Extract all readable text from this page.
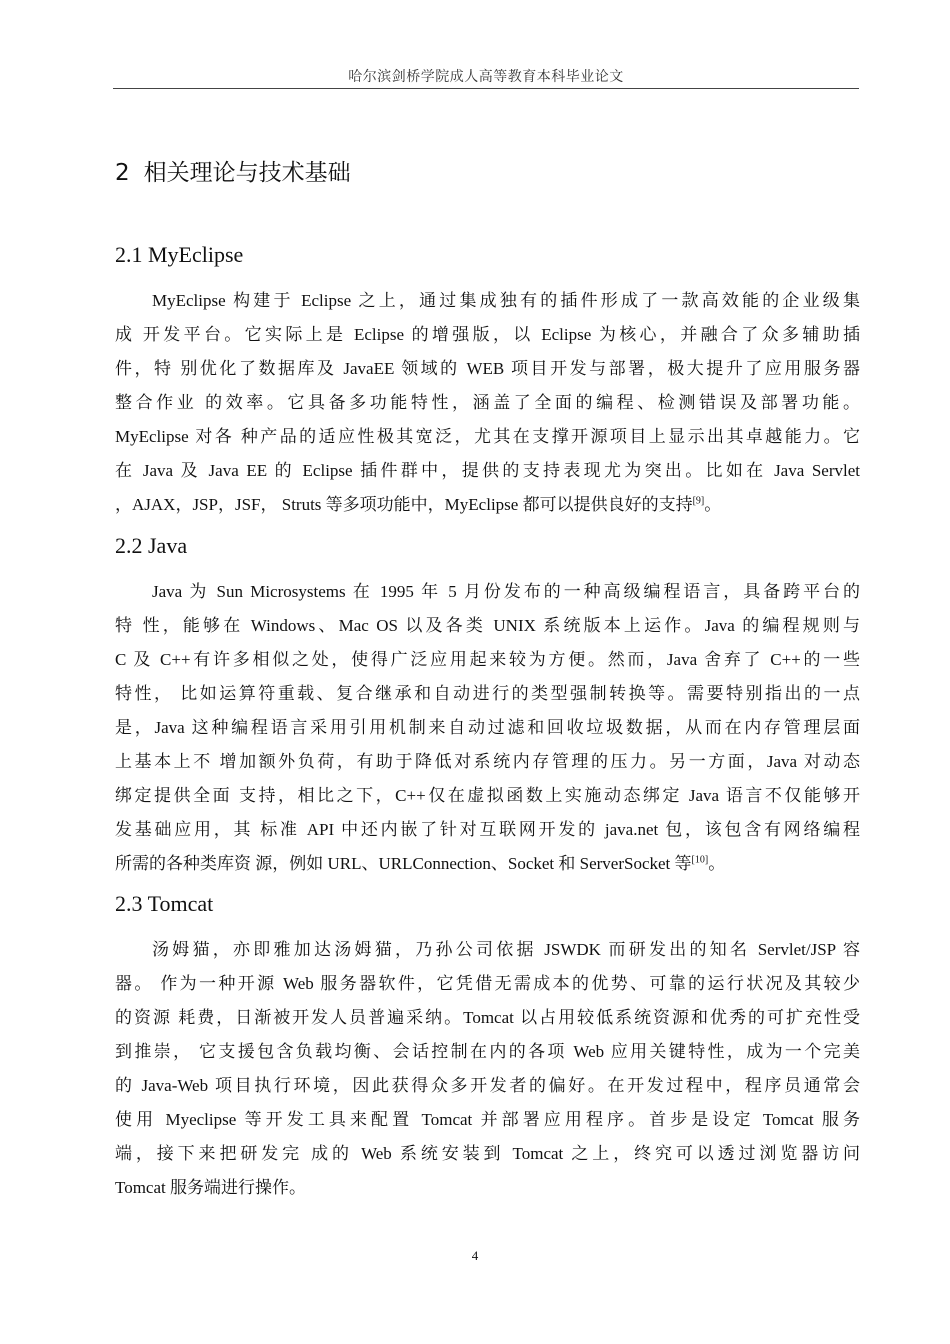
哈尔滨剑桥学院成人高等教育本科毕业论文
2 相关理论与技术基础
2.1 MyEclipse
MyEclipse 构建于 Eclipse 之上，通过集成独有的插件形成了一款高效能的企业级集
成 开发平台。它实际上是 Eclipse 的增强版，以 Eclipse 为核心，并融合了众多辅助插
件，特 别优化了数据库及 JavaEE 领域的 WEB 项目开发与部署，极大提升了应用服务器
整合作业 的效率。它具备多功能特性，涵盖了全面的编程、检测错误及部署功能。
MyEclipse 对各 种产品的适应性极其宽泛，尤其在支撑开源项目上显示出其卓越能力。它
在 Java 及 Java EE 的 Eclipse 插件群中，提供的支持表现尤为突出。比如在 Java Servlet
，AJAX，JSP，JSF， Struts 等多项功能中，MyEclipse 都可以提供良好的支持[9]。
2.2 Java
Java 为 Sun Microsystems 在 1995 年 5 月份发布的一种高级编程语言，具备跨平台的
特 性，能够在 Windows、Mac OS 以及各类 UNIX 系统版本上运作。Java 的编程规则与
C 及 C++有许多相似之处，使得广泛应用起来较为方便。然而，Java 舍弃了 C++的一些
特性， 比如运算符重载、复合继承和自动进行的类型强制转换等。需要特别指出的一点
是，Java 这种编程语言采用引用机制来自动过滤和回收垃圾数据，从而在内存管理层面
上基本上不 增加额外负荷，有助于降低对系统内存管理的压力。另一方面，Java 对动态
绑定提供全面 支持，相比之下，C++仅在虚拟函数上实施动态绑定 Java 语言不仅能够开
发基础应用，其 标准 API 中还内嵌了针对互联网开发的 java.net 包，该包含有网络编程
所需的各种类库资 源，例如 URL、URLConnection、Socket 和 ServerSocket 等[10]。
2.3 Tomcat
汤姆猫，亦即雅加达汤姆猫，乃孙公司依据 JSWDK 而研发出的知名 Servlet/JSP 容
器。 作为一种开源 Web 服务器软件，它凭借无需成本的优势、可靠的运行状况及其较少
的资源 耗费，日渐被开发人员普遍采纳。Tomcat 以占用较低系统资源和优秀的可扩充性受
到推崇， 它支援包含负载均衡、会话控制在内的各项 Web 应用关键特性，成为一个完美
的 Java-Web 项目执行环境，因此获得众多开发者的偏好。在开发过程中，程序员通常会
使用 Myeclipse 等开发工具来配置 Tomcat 并部署应用程序。首步是设定 Tomcat 服务
端，接下来把研发完 成的 Web 系统安装到 Tomcat 之上，终究可以透过浏览器访问
Tomcat 服务端进行操作。
4
